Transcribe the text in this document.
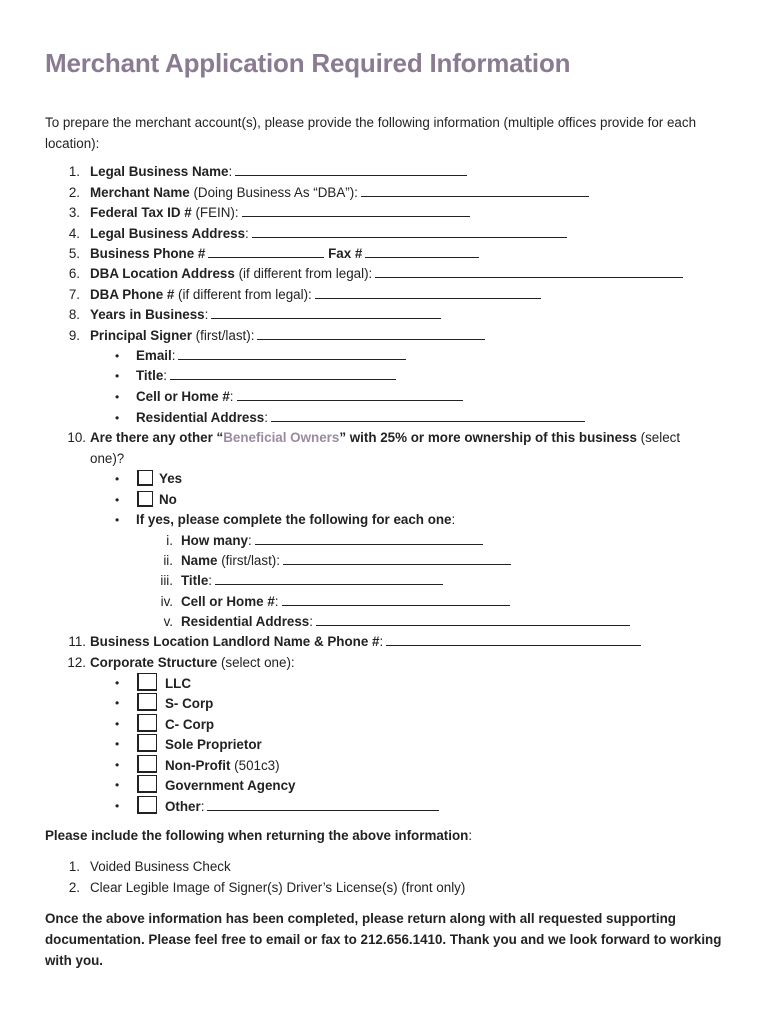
Merchant Application Required Information

To prepare the merchant account(s), please provide the following information (multiple offices provide for each location):

1. Legal Business Name:
2. Merchant Name (Doing Business As “DBA”):
3. Federal Tax ID # (FEIN):
4. Legal Business Address:
5. Business Phone #	Fax #
6. DBA Location Address (if different from legal):
7. DBA Phone # (if different from legal):
8. Years in Business:
9. Principal Signer (first/last):
• Email:
• Title:
• Cell or Home #:
• Residential Address:
10. Are there any other “Beneficial Owners” with 25% or more ownership of this business (select
one)?
•	Yes
•	No
• If yes, please complete the following for each one:
i. How many:
ii. Name (first/last):
iii. Title:
iv. Cell or Home #:
v. Residential Address:
11. Business Location Landlord Name & Phone #:
12. Corporate Structure (select one):
•	LLC
•	S- Corp
•	C- Corp
•	Sole Proprietor
•	Non-Profit (501c3)
•	Government Agency
•	Other:
Please include the following when returning the above information:
1. Voided Business Check
2. Clear Legible Image of Signer(s) Driver’s License(s) (front only)

Once the above information has been completed, please return along with all requested supporting documentation. Please feel free to email or fax to 212.656.1410. Thank you and we look forward to working with you.
